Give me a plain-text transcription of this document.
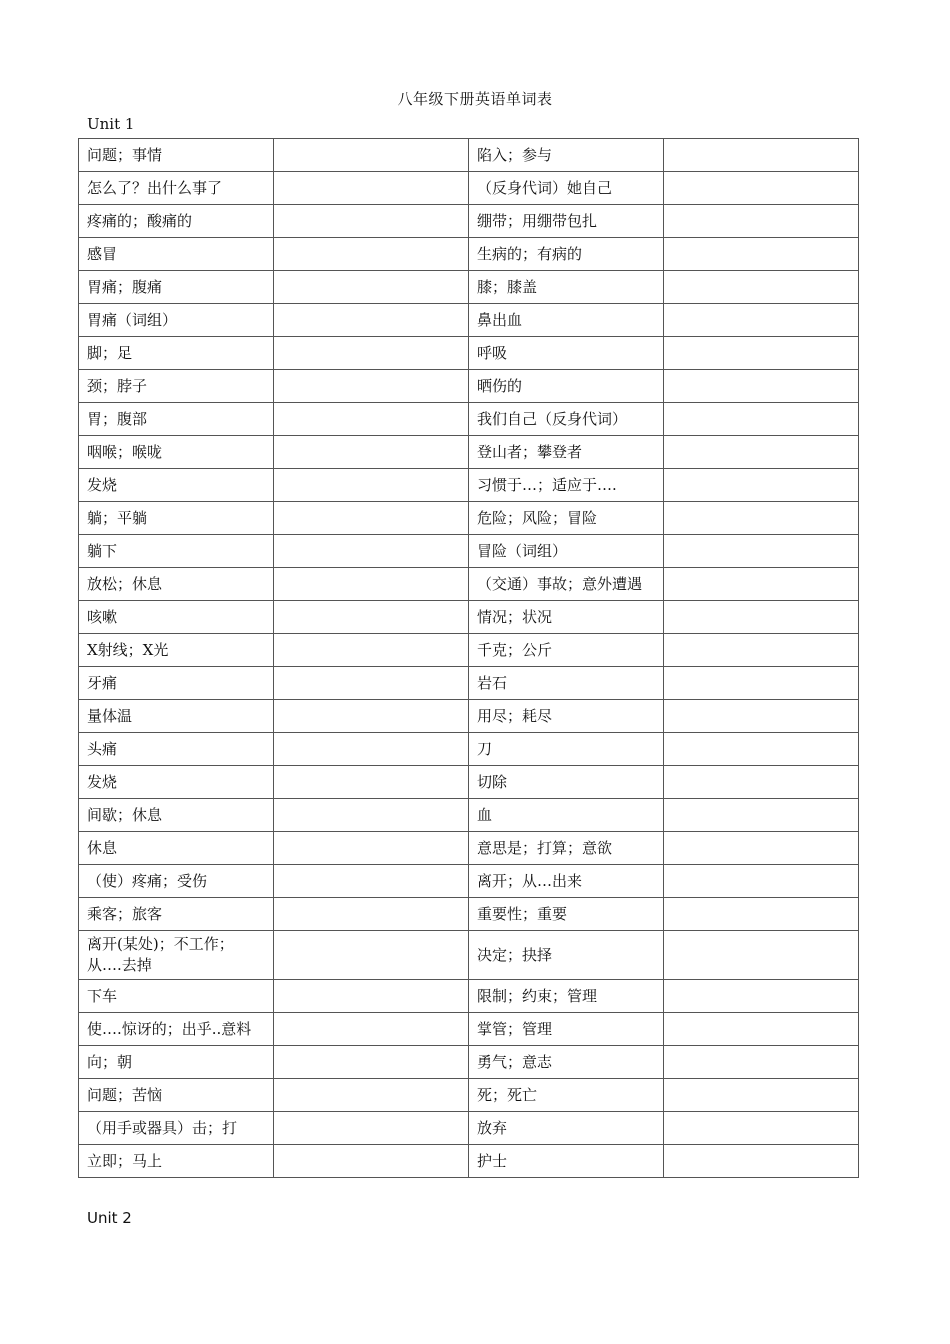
八年级下册英语单词表
Unit 1
问题；事情		陷入；参与	
怎么了？出什么事了		（反身代词）她自己	
疼痛的；酸痛的		绷带；用绷带包扎	
感冒		生病的；有病的	
胃痛；腹痛		膝；膝盖	
胃痛（词组）		鼻出血	
脚；足		呼吸	
颈；脖子		晒伤的	
胃；腹部		我们自己（反身代词）	
咽喉；喉咙		登山者；攀登者	
发烧		习惯于…；适应于….	
躺；平躺		危险；风险；冒险	
躺下		冒险（词组）	
放松；休息		（交通）事故；意外遭遇	
咳嗽		情况；状况	
X射线；X光		千克；公斤	
牙痛		岩石	
量体温		用尽；耗尽	
头痛		刀	
发烧		切除	
间歇；休息		血	
休息		意思是；打算；意欲	
（使）疼痛；受伤		离开；从…出来	
乘客；旅客		重要性；重要	
离开(某处)；不工作；从….去掉		决定；抉择	
下车		限制；约束；管理	
使….惊讶的；出乎..意料		掌管；管理	
向；朝		勇气；意志	
问题；苦恼		死；死亡	
（用手或器具）击；打		放弃	
立即；马上		护士	
Unit 2
